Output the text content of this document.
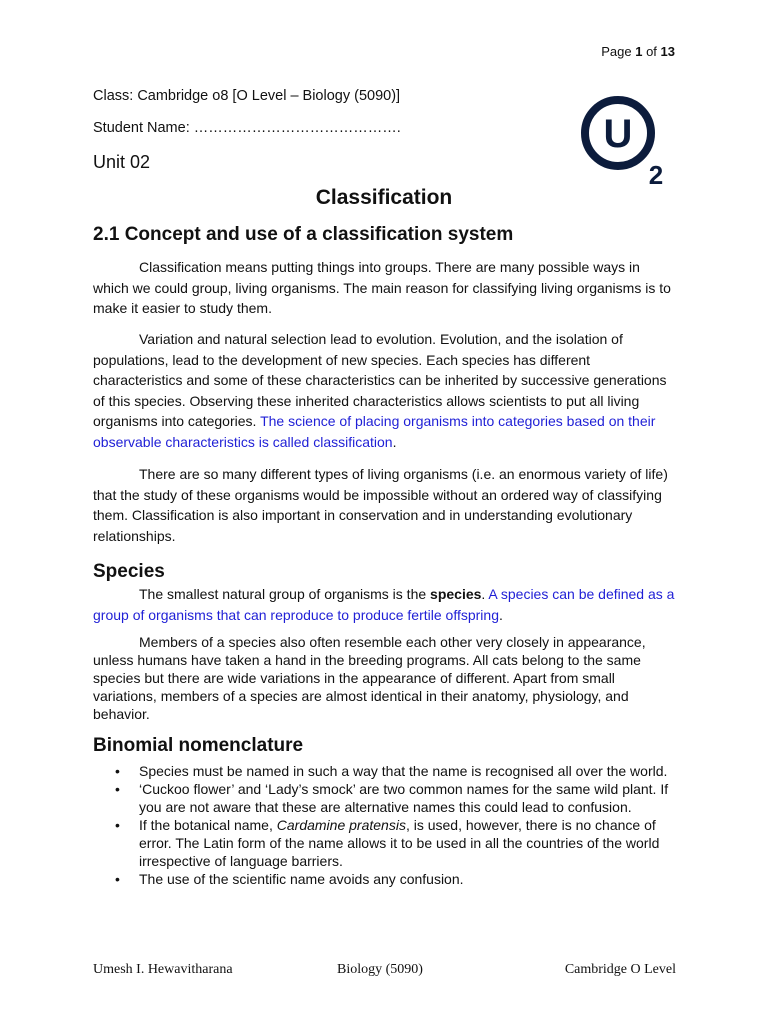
Page 1 of 13
Class: Cambridge o8 [O Level – Biology (5090)]
Student Name: …………………………………….
Unit 02
U
2
Classification
2.1 Concept and use of a classification system
Classification means putting things into groups. There are many possible ways in which we could group, living organisms. The main reason for classifying living organisms is to make it easier to study them.
Variation and natural selection lead to evolution. Evolution, and the isolation of populations, lead to the development of new species. Each species has different characteristics and some of these characteristics can be inherited by successive generations of this species. Observing these inherited characteristics allows scientists to put all living organisms into categories. The science of placing organisms into categories based on their observable characteristics is called classification.
There are so many different types of living organisms (i.e. an enormous variety of life) that the study of these organisms would be impossible without an ordered way of classifying them. Classification is also important in conservation and in understanding evolutionary relationships.
Species
The smallest natural group of organisms is the species. A species can be defined as a group of organisms that can reproduce to produce fertile offspring.
Members of a species also often resemble each other very closely in appearance, unless humans have taken a hand in the breeding programs. All cats belong to the same species but there are wide variations in the appearance of different. Apart from small variations, members of a species are almost identical in their anatomy, physiology, and behavior.
Binomial nomenclature
• Species must be named in such a way that the name is recognised all over the world.
• ‘Cuckoo flower’ and ‘Lady’s smock’ are two common names for the same wild plant. If you are not aware that these are alternative names this could lead to confusion.
• If the botanical name, Cardamine pratensis, is used, however, there is no chance of error. The Latin form of the name allows it to be used in all the countries of the world irrespective of language barriers.
• The use of the scientific name avoids any confusion.
Umesh I. Hewavitharana	Biology (5090)	Cambridge O Level
